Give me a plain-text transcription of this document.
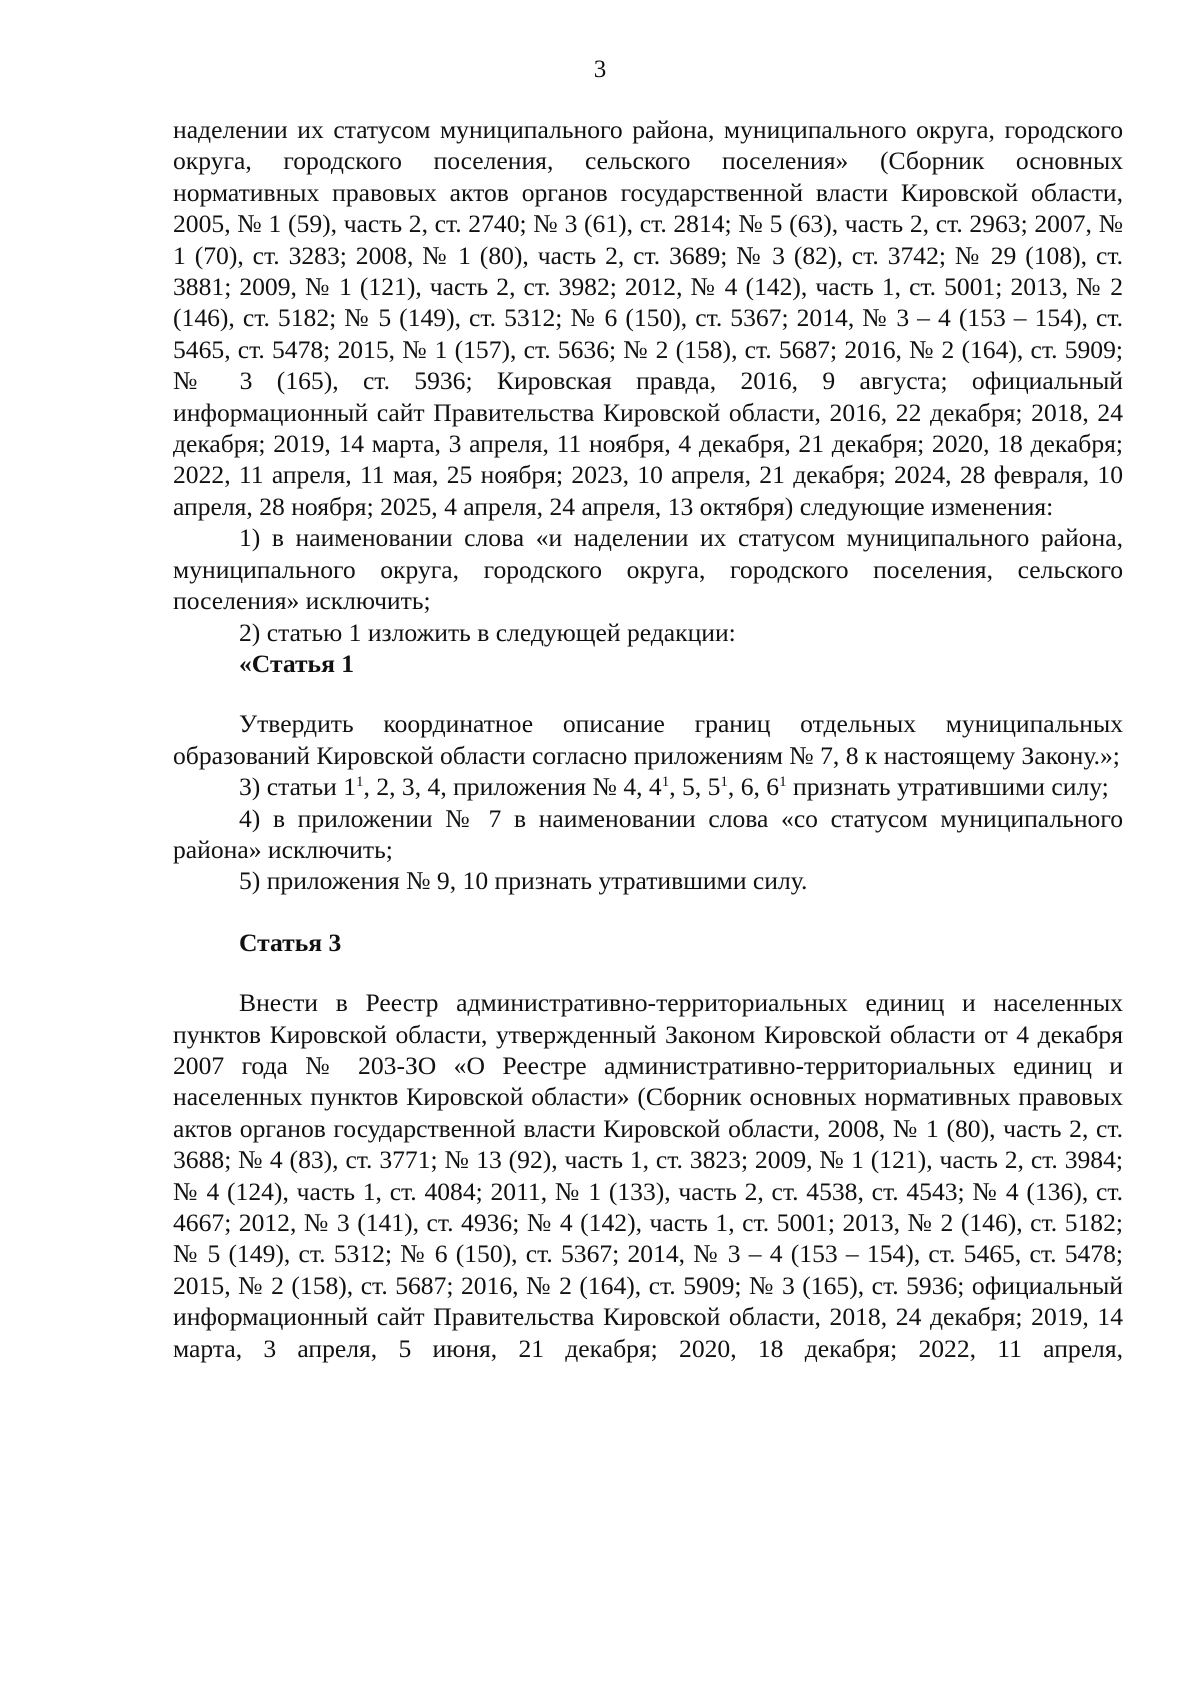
3

наделении их статусом муниципального района, муниципального округа, городского округа, городского поселения, сельского поселения» (Сборник основных нормативных правовых актов органов государственной власти Кировской области, 2005, № 1 (59), часть 2, ст. 2740; № 3 (61), ст. 2814; № 5 (63), часть 2, ст. 2963; 2007, № 1 (70), ст. 3283; 2008, № 1 (80), часть 2, ст. 3689; № 3 (82), ст. 3742; № 29 (108), ст. 3881; 2009, № 1 (121), часть 2, ст. 3982; 2012, № 4 (142), часть 1, ст. 5001; 2013, № 2 (146), ст. 5182; № 5 (149), ст. 5312; № 6 (150), ст. 5367; 2014, № 3 – 4 (153 – 154), ст. 5465, ст. 5478; 2015, № 1 (157), ст. 5636; № 2 (158), ст. 5687; 2016, № 2 (164), ст. 5909; № 3 (165), ст. 5936; Кировская правда, 2016, 9 августа; официальный информационный сайт Правительства Кировской области, 2016, 22 декабря; 2018, 24 декабря; 2019, 14 марта, 3 апреля, 11 ноября, 4 декабря, 21 декабря; 2020, 18 декабря; 2022, 11 апреля, 11 мая, 25 ноября; 2023, 10 апреля, 21 декабря; 2024, 28 февраля, 10 апреля, 28 ноября; 2025, 4 апреля, 24 апреля, 13 октября) следующие изменения:

1) в наименовании слова «и наделении их статусом муниципального района, муниципального округа, городского округа, городского поселения, сельского поселения» исключить;

2) статью 1 изложить в следующей редакции:

«Статья 1

Утвердить координатное описание границ отдельных муниципальных образований Кировской области согласно приложениям № 7, 8 к настоящему Закону.»;

3) статьи $1^1$, 2, 3, 4, приложения № 4, $4^1$, 5, $5^1$, 6, $6^1$ признать утратившими силу;

4) в приложении № 7 в наименовании слова «со статусом муниципального района» исключить;

5) приложения № 9, 10 признать утратившими силу.

Статья 3

Внести в Реестр административно-территориальных единиц и населенных пунктов Кировской области, утвержденный Законом Кировской области от 4 декабря 2007 года № 203-ЗО «О Реестре административно-территориальных единиц и населенных пунктов Кировской области» (Сборник основных нормативных правовых актов органов государственной власти Кировской области, 2008, № 1 (80), часть 2, ст. 3688; № 4 (83), ст. 3771; № 13 (92), часть 1, ст. 3823; 2009, № 1 (121), часть 2, ст. 3984; № 4 (124), часть 1, ст. 4084; 2011, № 1 (133), часть 2, ст. 4538, ст. 4543; № 4 (136), ст. 4667; 2012, № 3 (141), ст. 4936; № 4 (142), часть 1, ст. 5001; 2013, № 2 (146), ст. 5182; № 5 (149), ст. 5312; № 6 (150), ст. 5367; 2014, № 3 – 4 (153 – 154), ст. 5465, ст. 5478; 2015, № 2 (158), ст. 5687; 2016, № 2 (164), ст. 5909; № 3 (165), ст. 5936; официальный информационный сайт Правительства Кировской области, 2018, 24 декабря; 2019, 14 марта, 3 апреля, 5 июня, 21 декабря; 2020, 18 декабря; 2022, 11 апреля,
